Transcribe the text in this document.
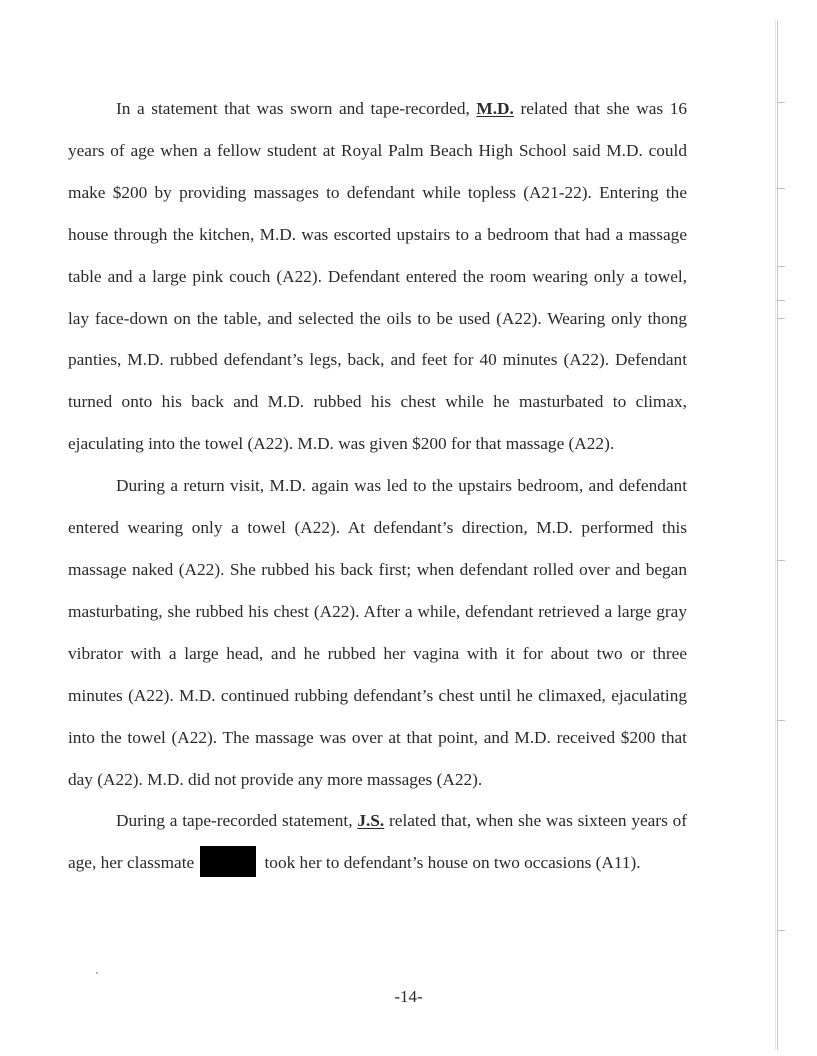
In a statement that was sworn and tape-recorded, M.D. related that she was 16 years of age when a fellow student at Royal Palm Beach High School said M.D. could make $200 by providing massages to defendant while topless (A21-22). Entering the house through the kitchen, M.D. was escorted upstairs to a bedroom that had a massage table and a large pink couch (A22). Defendant entered the room wearing only a towel, lay face-down on the table, and selected the oils to be used (A22). Wearing only thong panties, M.D. rubbed defendant’s legs, back, and feet for 40 minutes (A22). Defendant turned onto his back and M.D. rubbed his chest while he masturbated to climax, ejaculating into the towel (A22). M.D. was given $200 for that massage (A22).

During a return visit, M.D. again was led to the upstairs bedroom, and defendant entered wearing only a towel (A22). At defendant’s direction, M.D. performed this massage naked (A22). She rubbed his back first; when defendant rolled over and began masturbating, she rubbed his chest (A22). After a while, defendant retrieved a large gray vibrator with a large head, and he rubbed her vagina with it for about two or three minutes (A22). M.D. continued rubbing defendant’s chest until he climaxed, ejaculating into the towel (A22). The massage was over at that point, and M.D. received $200 that day (A22). M.D. did not provide any more massages (A22).

During a tape-recorded statement, J.S. related that, when she was sixteen years of age, her classmate	took her to defendant’s house on two occasions (A11).

-14-
